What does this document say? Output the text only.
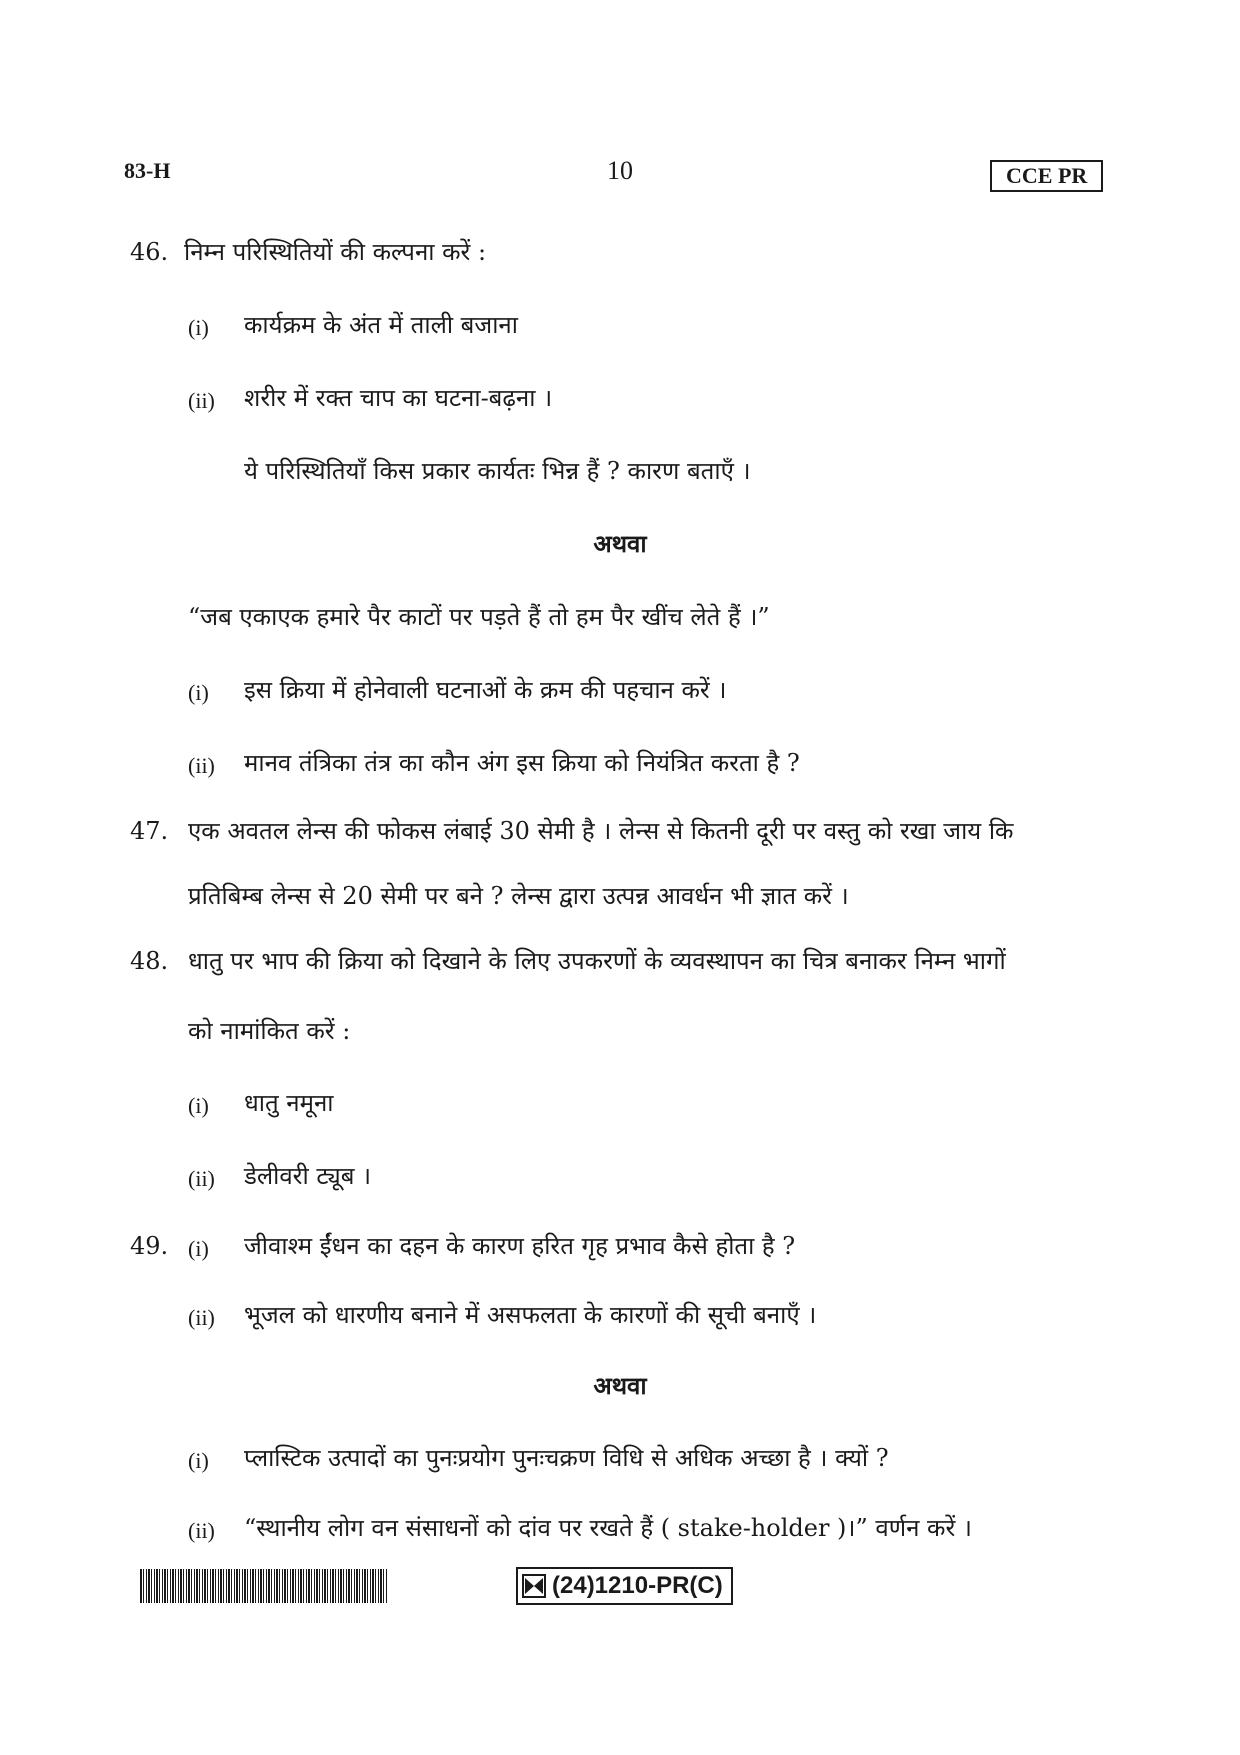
83-H	10	CCE PR
46. निम्न परिस्थितियों की कल्पना करें :
(i) कार्यक्रम के अंत में ताली बजाना
(ii) शरीर में रक्त चाप का घटना-बढ़ना ।
ये परिस्थितियाँ किस प्रकार कार्यतः भिन्न हैं ? कारण बताएँ ।
अथवा
“जब एकाएक हमारे पैर काटों पर पड़ते हैं तो हम पैर खींच लेते हैं ।”
(i) इस क्रिया में होनेवाली घटनाओं के क्रम की पहचान करें ।
(ii) मानव तंत्रिका तंत्र का कौन अंग इस क्रिया को नियंत्रित करता है ?
47. एक अवतल लेन्स की फोकस लंबाई 30 सेमी है । लेन्स से कितनी दूरी पर वस्तु को रखा जाय कि
प्रतिबिम्ब लेन्स से 20 सेमी पर बने ? लेन्स द्वारा उत्पन्न आवर्धन भी ज्ञात करें ।
48. धातु पर भाप की क्रिया को दिखाने के लिए उपकरणों के व्यवस्थापन का चित्र बनाकर निम्न भागों
को नामांकित करें :
(i) धातु नमूना
(ii) डेलीवरी ट्यूब ।
49. (i) जीवाश्म ईंधन का दहन के कारण हरित गृह प्रभाव कैसे होता है ?
(ii) भूजल को धारणीय बनाने में असफलता के कारणों की सूची बनाएँ ।
अथवा
(i) प्लास्टिक उत्पादों का पुनःप्रयोग पुनःचक्रण विधि से अधिक अच्छा है । क्यों ?
(ii) “स्थानीय लोग वन संसाधनों को दांव पर रखते हैं ( stake-holder )।” वर्णन करें ।
(24)1210-PR(C)
